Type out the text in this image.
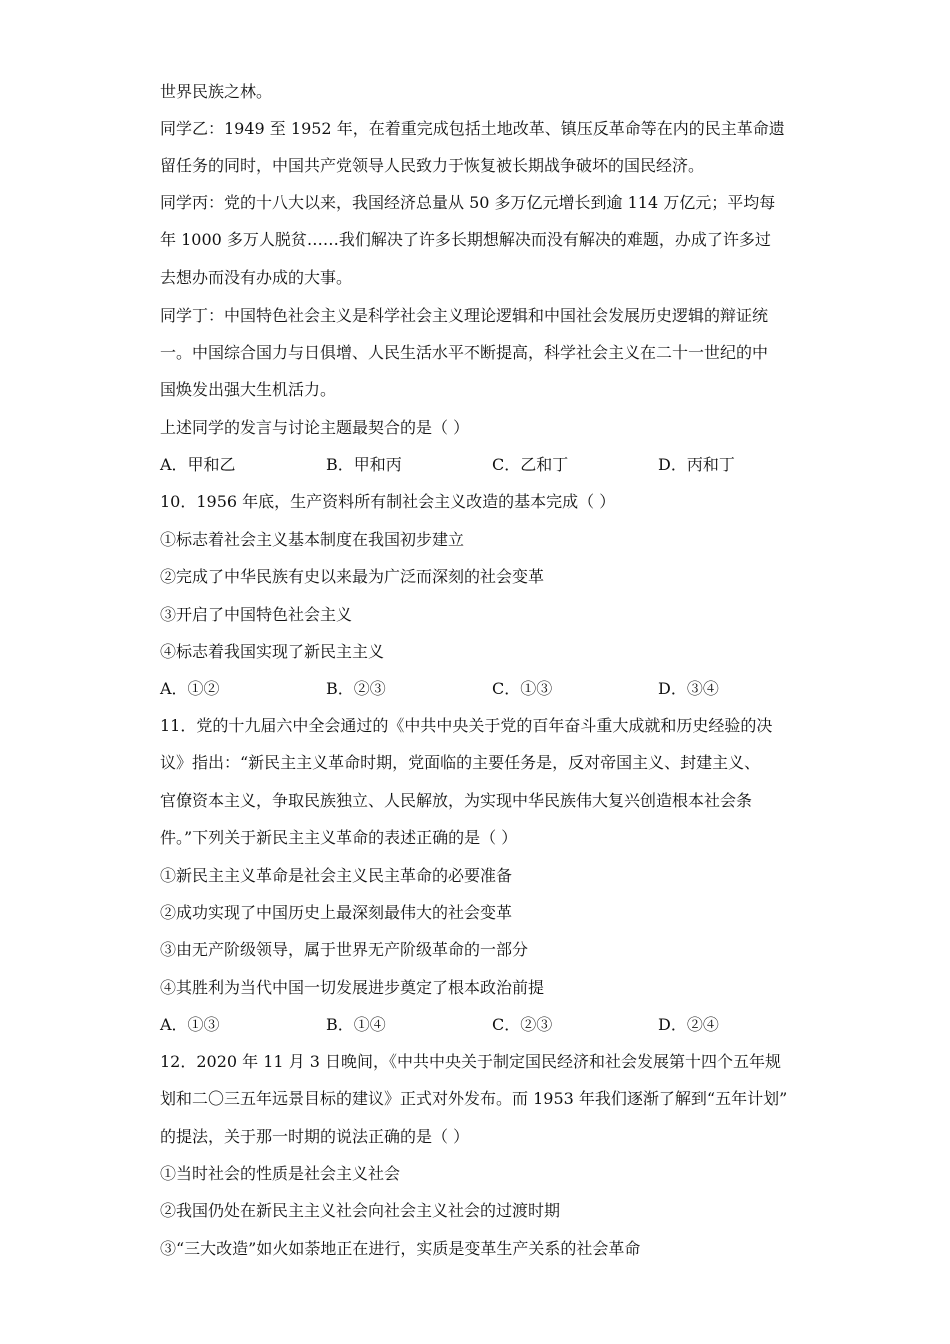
世界民族之林。
同学乙：1949 至 1952 年，在着重完成包括土地改革、镇压反革命等在内的民主革命遗
留任务的同时，中国共产党领导人民致力于恢复被长期战争破坏的国民经济。
同学丙：党的十八大以来，我国经济总量从 50 多万亿元增长到逾 114 万亿元；平均每
年 1000 多万人脱贫……我们解决了许多长期想解决而没有解决的难题，办成了许多过
去想办而没有办成的大事。
同学丁：中国特色社会主义是科学社会主义理论逻辑和中国社会发展历史逻辑的辩证统
一。中国综合国力与日俱增、人民生活水平不断提高，科学社会主义在二十一世纪的中
国焕发出强大生机活力。
上述同学的发言与讨论主题最契合的是（ ）
A．甲和乙	B．甲和丙	C．乙和丁	D．丙和丁
10．1956 年底，生产资料所有制社会主义改造的基本完成（ ）
①标志着社会主义基本制度在我国初步建立
②完成了中华民族有史以来最为广泛而深刻的社会变革
③开启了中国特色社会主义
④标志着我国实现了新民主主义
A．①②	B．②③	C．①③	D．③④
11．党的十九届六中全会通过的《中共中央关于党的百年奋斗重大成就和历史经验的决
议》指出：“新民主主义革命时期，党面临的主要任务是，反对帝国主义、封建主义、
官僚资本主义，争取民族独立、人民解放，为实现中华民族伟大复兴创造根本社会条
件。”下列关于新民主主义革命的表述正确的是（ ）
①新民主主义革命是社会主义民主革命的必要准备
②成功实现了中国历史上最深刻最伟大的社会变革
③由无产阶级领导，属于世界无产阶级革命的一部分
④其胜利为当代中国一切发展进步奠定了根本政治前提
A．①③	B．①④	C．②③	D．②④
12．2020 年 11 月 3 日晚间，《中共中央关于制定国民经济和社会发展第十四个五年规
划和二〇三五年远景目标的建议》正式对外发布。而 1953 年我们逐渐了解到“五年计划”
的提法，关于那一时期的说法正确的是（ ）
①当时社会的性质是社会主义社会
②我国仍处在新民主主义社会向社会主义社会的过渡时期
③“三大改造”如火如荼地正在进行，实质是变革生产关系的社会革命
